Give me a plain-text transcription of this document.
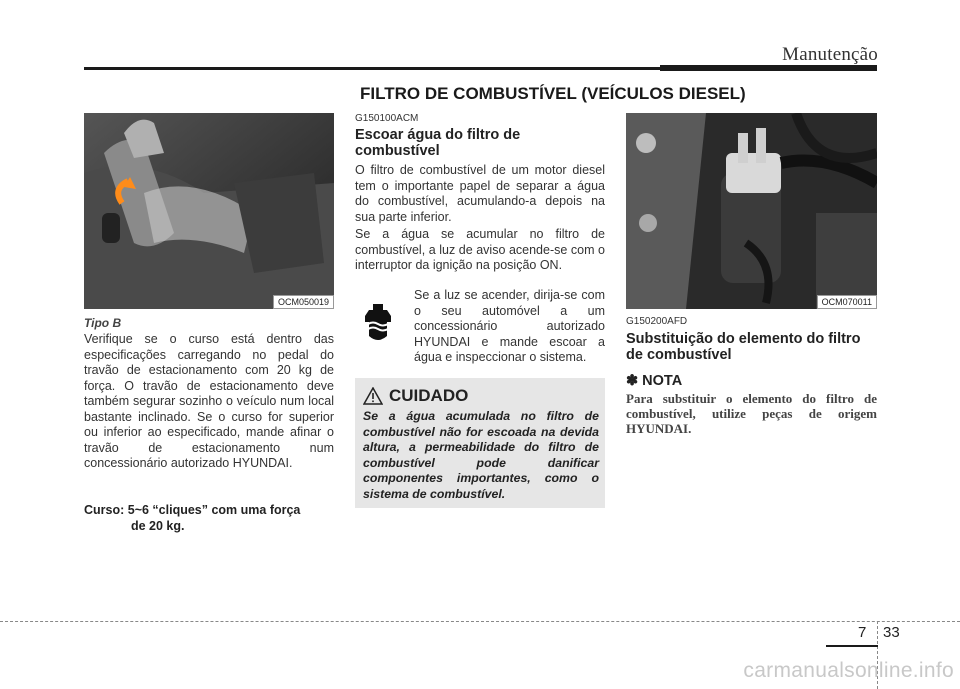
Manutenção
FILTRO DE COMBUSTÍVEL (VEÍCULOS DIESEL)
OCM050019
Tipo B
Verifique se o curso está dentro das especificações carregando no pedal do travão de estacionamento com 20 kg de força. O travão de estacionamento deve também segurar sozinho o veículo num local bastante inclinado. Se o curso for superior ou inferior ao especificado, mande afinar o travão de estacionamento num concessionário autorizado HYUNDAI.
Curso: 5~6 “cliques” com uma força
de 20 kg.
G150100ACM
Escoar água do filtro de combustível
O filtro de combustível de um motor diesel tem o importante papel de separar a água do combustível, acumulando-a depois na sua parte inferior.
Se a água se acumular no filtro de combustível, a luz de aviso acende-se com o interruptor da ignição na posição ON.
Se a luz se acender, dirija-se com o seu automóvel a um concessionário autorizado HYUNDAI e mande escoar a água e inspeccionar o sistema.
CUIDADO
Se a água acumulada no filtro de combustível não for escoada na devida altura, a permeabilidade do filtro de combustível pode danificar componentes importantes, como o sistema de combustível.
OCM070011
G150200AFD
Substituição do elemento do filtro de combustível
✽ NOTA
Para substituir o elemento do filtro de combustível, utilize peças de origem HYUNDAI.
7 33
carmanualsonline.info
